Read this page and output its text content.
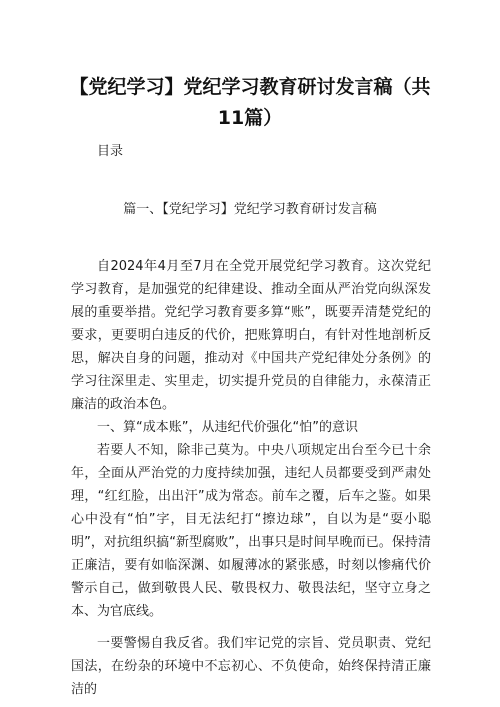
【党纪学习】党纪学习教育研讨发言稿（共11篇）

目录

篇一、【党纪学习】党纪学习教育研讨发言稿

自2024年4月至7月在全党开展党纪学习教育。这次党纪学习教育，是加强党的纪律建设、推动全面从严治党向纵深发展的重要举措。党纪学习教育要多算“账”，既要弄清楚党纪的要求，更要明白违反的代价，把账算明白，有针对性地剖析反思，解决自身的问题，推动对《中国共产党纪律处分条例》的学习往深里走、实里走，切实提升党员的自律能力，永葆清正廉洁的政治本色。

一、算“成本账”，从违纪代价强化“怕”的意识

若要人不知，除非己莫为。中央八项规定出台至今已十余年，全面从严治党的力度持续加强，违纪人员都要受到严肃处理，“红红脸，出出汗”成为常态。前车之覆，后车之鉴。如果心中没有“怕”字，目无法纪打“擦边球”，自以为是“耍小聪明”，对抗组织搞“新型腐败”，出事只是时间早晚而已。保持清正廉洁，要有如临深渊、如履薄冰的紧张感，时刻以惨痛代价警示自己，做到敬畏人民、敬畏权力、敬畏法纪，坚守立身之本、为官底线。

一要警惕自我反省。我们牢记党的宗旨、党员职责、党纪国法，在纷杂的环境中不忘初心、不负使命，始终保持清正廉洁的
